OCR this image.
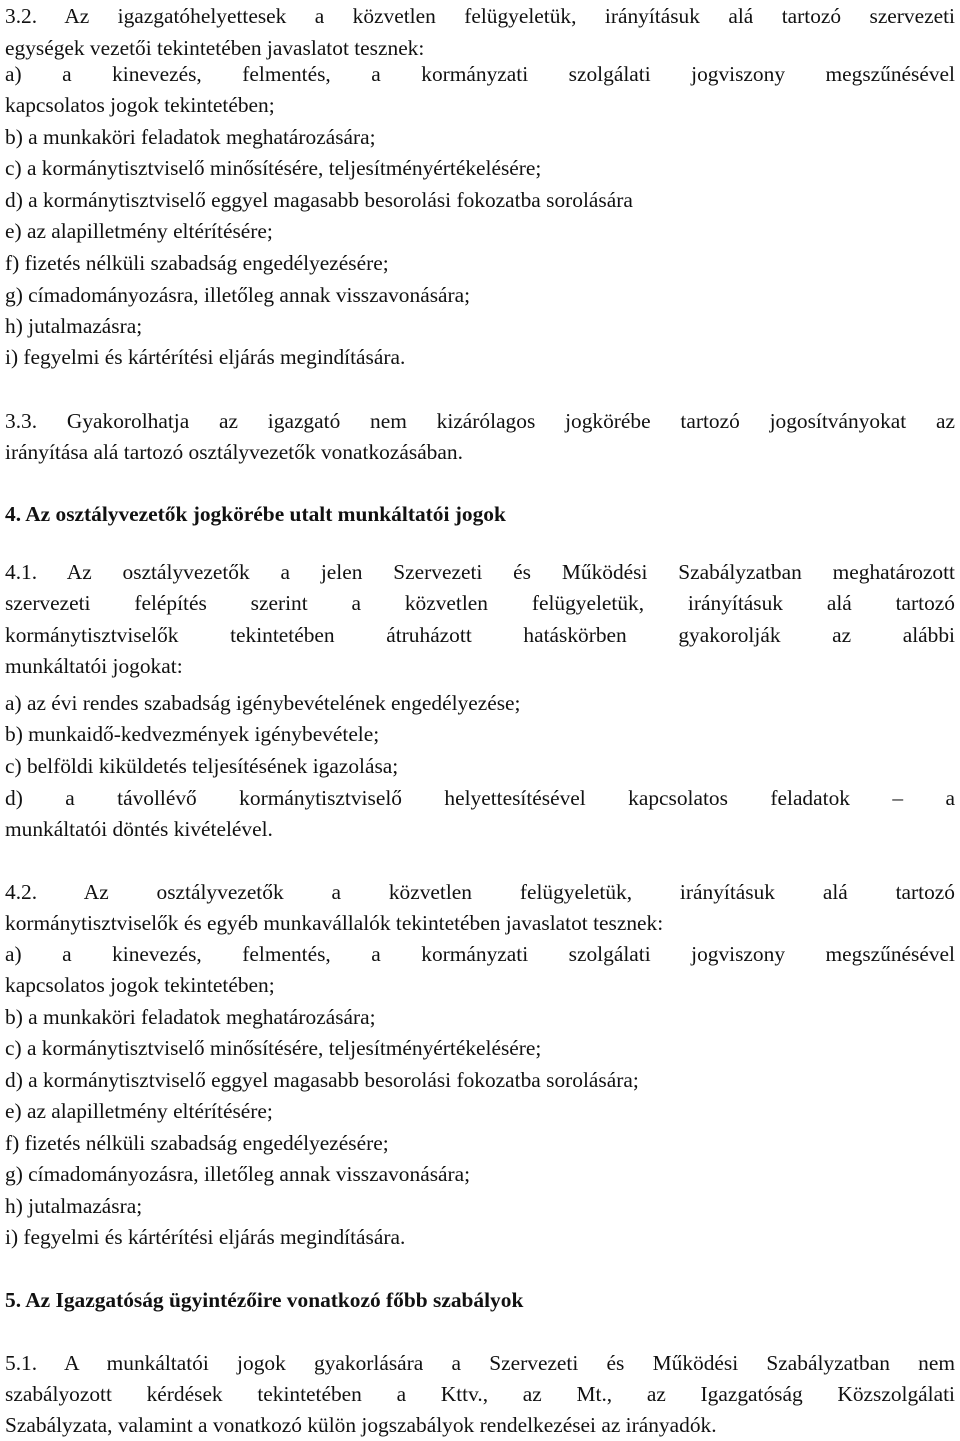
3.2. Az igazgatóhelyettesek a közvetlen felügyeletük, irányításuk alá tartozó szervezeti
egységek vezetői tekintetében javaslatot tesznek:
a) a kinevezés, felmentés, a kormányzati szolgálati jogviszony megszűnésével
kapcsolatos jogok tekintetében;
b) a munkaköri feladatok meghatározására;
c) a kormánytisztviselő minősítésére, teljesítményértékelésére;
d) a kormánytisztviselő eggyel magasabb besorolási fokozatba sorolására
e) az alapilletmény eltérítésére;
f) fizetés nélküli szabadság engedélyezésére;
g) címadományozásra, illetőleg annak visszavonására;
h) jutalmazásra;
i) fegyelmi és kártérítési eljárás megindítására.
3.3. Gyakorolhatja az igazgató nem kizárólagos jogkörébe tartozó jogosítványokat az
irányítása alá tartozó osztályvezetők vonatkozásában.
4. Az osztályvezetők jogkörébe utalt munkáltatói jogok
4.1. Az osztályvezetők a jelen Szervezeti és Működési Szabályzatban meghatározott
szervezeti felépítés szerint a közvetlen felügyeletük, irányításuk alá tartozó
kormánytisztviselők tekintetében átruházott hatáskörben gyakorolják az alábbi
munkáltatói jogokat:
a) az évi rendes szabadság igénybevételének engedélyezése;
b) munkaidő-kedvezmények igénybevétele;
c) belföldi kiküldetés teljesítésének igazolása;
d) a távollévő kormánytisztviselő helyettesítésével kapcsolatos feladatok – a
munkáltatói döntés kivételével.
4.2. Az osztályvezetők a közvetlen felügyeletük, irányításuk alá tartozó
kormánytisztviselők és egyéb munkavállalók tekintetében javaslatot tesznek:
a) a kinevezés, felmentés, a kormányzati szolgálati jogviszony megszűnésével
kapcsolatos jogok tekintetében;
b) a munkaköri feladatok meghatározására;
c) a kormánytisztviselő minősítésére, teljesítményértékelésére;
d) a kormánytisztviselő eggyel magasabb besorolási fokozatba sorolására;
e) az alapilletmény eltérítésére;
f) fizetés nélküli szabadság engedélyezésére;
g) címadományozásra, illetőleg annak visszavonására;
h) jutalmazásra;
i) fegyelmi és kártérítési eljárás megindítására.
5. Az Igazgatóság ügyintézőire vonatkozó főbb szabályok
5.1. A munkáltatói jogok gyakorlására a Szervezeti és Működési Szabályzatban nem
szabályozott kérdések tekintetében a Kttv., az Mt., az Igazgatóság Közszolgálati
Szabályzata, valamint a vonatkozó külön jogszabályok rendelkezései az irányadók.
